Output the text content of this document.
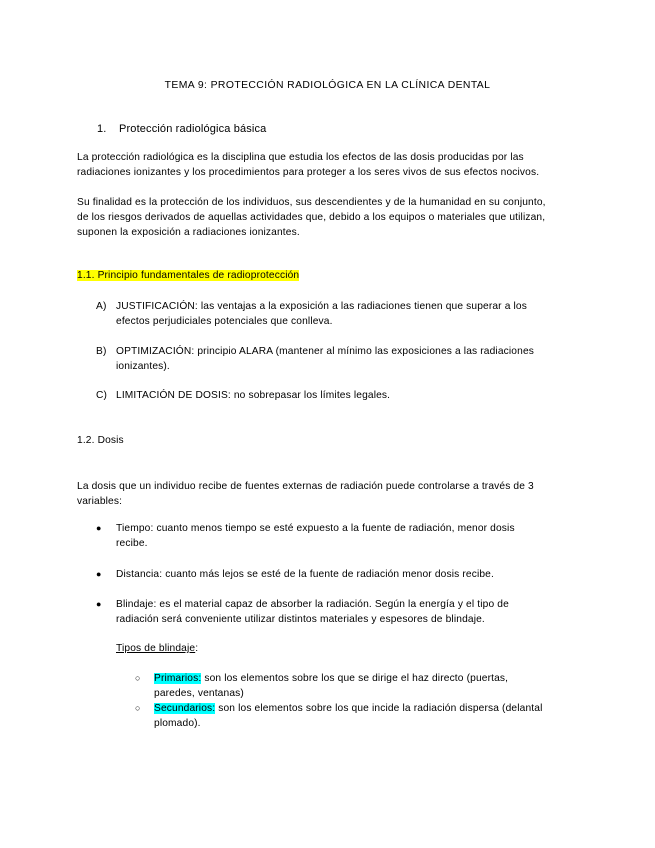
TEMA 9: PROTECCIÓN RADIOLÓGICA EN LA CLÍNICA DENTAL
1. Protección radiológica básica
La protección radiológica es la disciplina que estudia los efectos de las dosis producidas por las
radiaciones ionizantes y los procedimientos para proteger a los seres vivos de sus efectos nocivos.
Su finalidad es la protección de los individuos, sus descendientes y de la humanidad en su conjunto,
de los riesgos derivados de aquellas actividades que, debido a los equipos o materiales que utilizan,
suponen la exposición a radiaciones ionizantes.
1.1. Principio fundamentales de radioprotección
A) JUSTIFICACIÓN: las ventajas a la exposición a las radiaciones tienen que superar a los
efectos perjudiciales potenciales que conlleva.
B) OPTIMIZACIÓN: principio ALARA (mantener al mínimo las exposiciones a las radiaciones
ionizantes).
C) LIMITACIÓN DE DOSIS: no sobrepasar los límites legales.
1.2. Dosis
La dosis que un individuo recibe de fuentes externas de radiación puede controlarse a través de 3
variables:
● Tiempo: cuanto menos tiempo se esté expuesto a la fuente de radiación, menor dosis
recibe.
● Distancia: cuanto más lejos se esté de la fuente de radiación menor dosis recibe.
● Blindaje: es el material capaz de absorber la radiación. Según la energía y el tipo de
radiación será conveniente utilizar distintos materiales y espesores de blindaje.
Tipos de blindaje:
○ Primarios: son los elementos sobre los que se dirige el haz directo (puertas,
paredes, ventanas)
○ Secundarios: son los elementos sobre los que incide la radiación dispersa (delantal
plomado).
